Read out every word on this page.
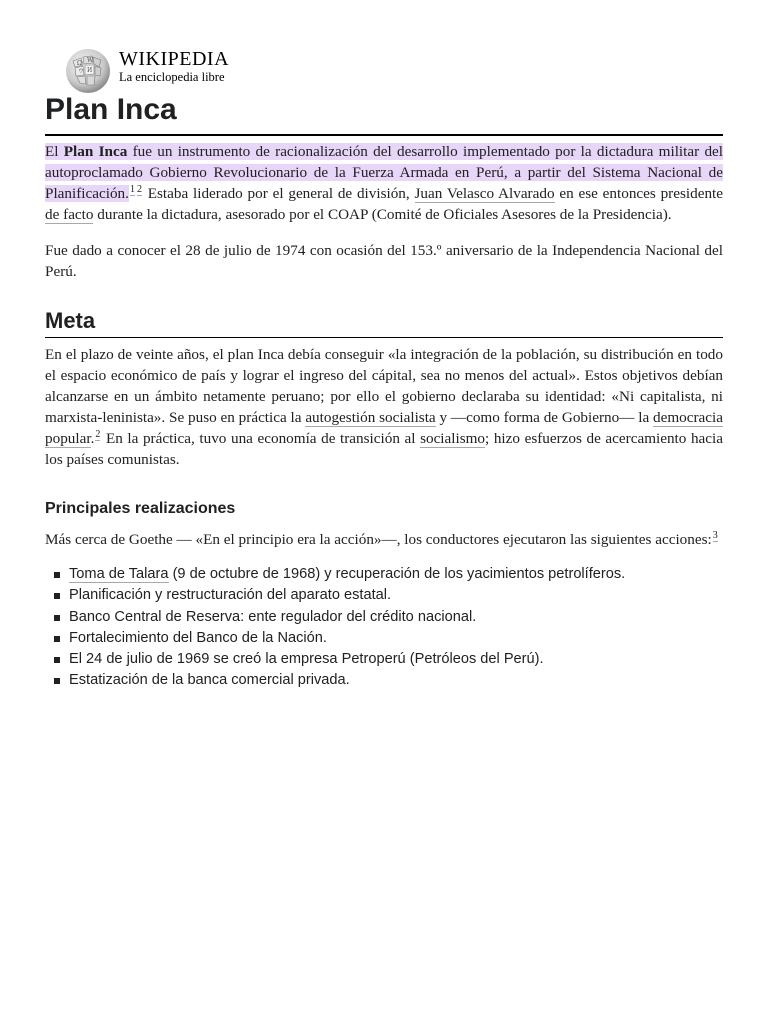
Ω W
И
ウ
WIKIPEDIA
La enciclopedia libre
Plan Inca

El Plan Inca fue un instrumento de racionalización del desarrollo implementado por la dictadura militar del autoproclamado Gobierno Revolucionario de la Fuerza Armada en Perú, a partir del Sistema Nacional de Planificación.$^1$ $^2$ Estaba liderado por el general de división, Juan Velasco Alvarado en ese entonces presidente de facto durante la dictadura, asesorado por el COAP (Comité de Oficiales Asesores de la Presidencia).

Fue dado a conocer el 28 de julio de 1974 con ocasión del 153.º aniversario de la Independencia Nacional del Perú.

Meta

En el plazo de veinte años, el plan Inca debía conseguir «la integración de la población, su distribución en todo el espacio económico de país y lograr el ingreso del cápital, sea no menos del actual». Estos objetivos debían alcanzarse en un ámbito netamente peruano; por ello el gobierno declaraba su identidad: «Ni capitalista, ni marxista-leninista». Se puso en práctica la autogestión socialista y —como forma de Gobierno— la democracia popular.$^2$ En la práctica, tuvo una economía de transición al socialismo; hizo esfuerzos de acercamiento hacia los países comunistas.

Principales realizaciones

Más cerca de Goethe — «En el principio era la acción»—, los conductores ejecutaron las siguientes acciones:$^3$

Toma de Talara (9 de octubre de 1968) y recuperación de los yacimientos petrolíferos.
Planificación y restructuración del aparato estatal.
Banco Central de Reserva: ente regulador del crédito nacional.
Fortalecimiento del Banco de la Nación.
El 24 de julio de 1969 se creó la empresa Petroperú (Petróleos del Perú).
Estatización de la banca comercial privada.
